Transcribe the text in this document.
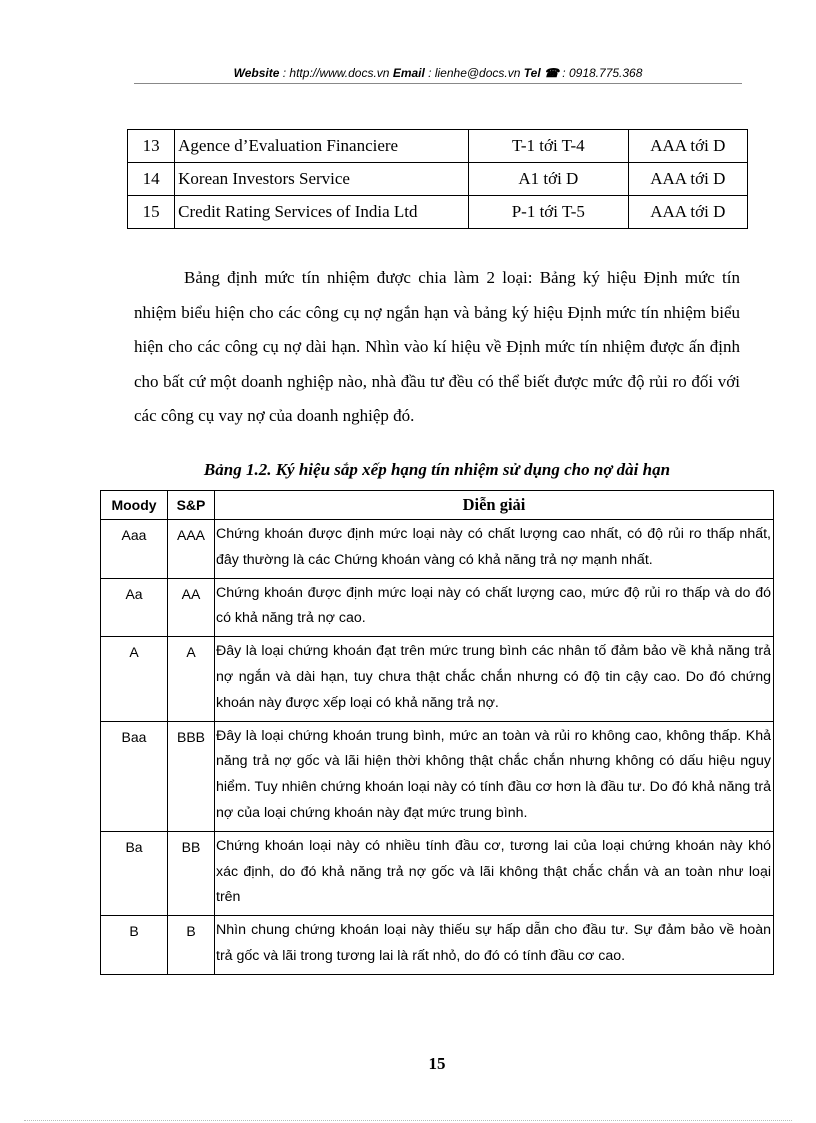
Website : http://www.docs.vn Email : lienhe@docs.vn Tel ☎ : 0918.775.368
13	Agence d’Evaluation Financiere	T-1 tới T-4	AAA tới D
14	Korean Investors Service	A1 tới D	AAA tới D
15	Credit Rating Services of India Ltd	P-1 tới T-5	AAA tới D

Bảng định mức tín nhiệm được chia làm 2 loại: Bảng ký hiệu Định mức tín nhiệm biểu hiện cho các công cụ nợ ngắn hạn và bảng ký hiệu Định mức tín nhiệm biểu hiện cho các công cụ nợ dài hạn. Nhìn vào kí hiệu về Định mức tín nhiệm được ấn định cho bất cứ một doanh nghiệp nào, nhà đầu tư đều có thể biết được mức độ rủi ro đối với các công cụ vay nợ của doanh nghiệp đó.

Bảng 1.2. Ký hiệu sắp xếp hạng tín nhiệm sử dụng cho nợ dài hạn
Moody	S&P	Diễn giải
Aaa	AAA	Chứng khoán được định mức loại này có chất lượng cao nhất, có độ rủi ro thấp nhất, đây thường là các Chứng khoán vàng có khả năng trả nợ mạnh nhất.
Aa	AA	Chứng khoán được định mức loại này có chất lượng cao, mức độ rủi ro thấp và do đó có khả năng trả nợ cao.
A	A	Đây là loại chứng khoán đạt trên mức trung bình các nhân tố đảm bảo về khả năng trả nợ ngắn và dài hạn, tuy chưa thật chắc chắn nhưng có độ tin cậy cao. Do đó chứng khoán này được xếp loại có khả năng trả nợ.
Baa	BBB	Đây là loại chứng khoán trung bình, mức an toàn và rủi ro không cao, không thấp. Khả năng trả nợ gốc và lãi hiện thời không thật chắc chắn nhưng không có dấu hiệu nguy hiểm. Tuy nhiên chứng khoán loại này có tính đầu cơ hơn là đầu tư. Do đó khả năng trả nợ của loại chứng khoán này đạt mức trung bình.
Ba	BB	Chứng khoán loại này có nhiều tính đầu cơ, tương lai của loại chứng khoán này khó xác định, do đó khả năng trả nợ gốc và lãi không thật chắc chắn và an toàn như loại trên
B	B	Nhìn chung chứng khoán loại này thiếu sự hấp dẫn cho đầu tư. Sự đảm bảo về hoàn trả gốc và lãi trong tương lai là rất nhỏ, do đó có tính đầu cơ cao.
15
